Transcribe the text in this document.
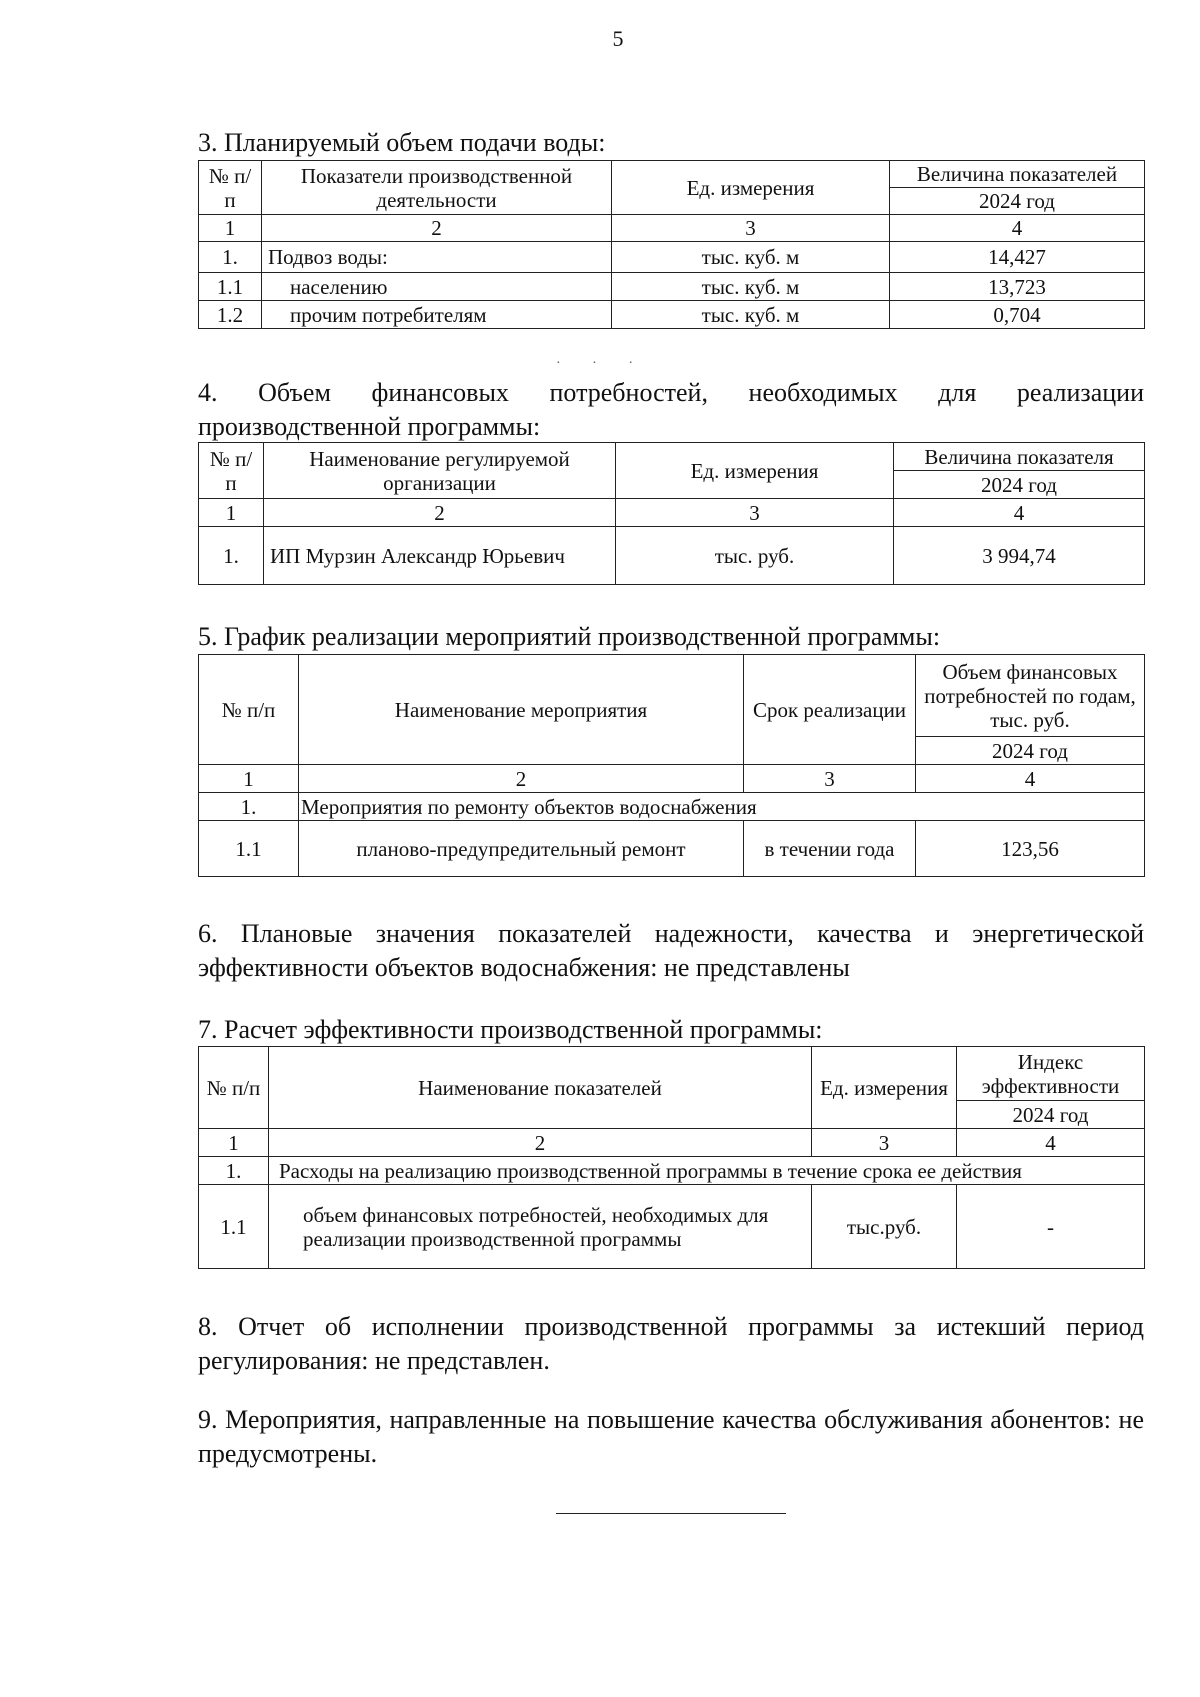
5
3. Планируемый объем подачи воды:
№ п/п	Показатели производственной деятельности	Ед. измерения	Величина показателей
			2024 год
1	2	3	4
1.	Подвоз воды:	тыс. куб. м	14,427
1.1	населению	тыс. куб. м	13,723
1.2	прочим потребителям	тыс. куб. м	0,704
· · ·
4. Объем финансовых потребностей, необходимых для реализации
производственной программы:
№ п/п	Наименование регулируемой организации	Ед. измерения	Величина показателя
			2024 год
1	2	3	4
1.	ИП Мурзин Александр Юрьевич	тыс. руб.	3 994,74
5. График реализации мероприятий производственной программы:
№ п/п	Наименование мероприятия	Срок реализации	Объем финансовых потребностей по годам, тыс. руб.
			2024 год
1	2	3	4
1.	Мероприятия по ремонту объектов водоснабжения		
1.1	планово-предупредительный ремонт	в течении года	123,56
6. Плановые значения показателей надежности, качества и энергетической эффективности объектов водоснабжения: не представлены
7. Расчет эффективности производственной программы:
№ п/п	Наименование показателей	Ед. измерения	Индекс эффективности
			2024 год
1	2	3	4
1.	Расходы на реализацию производственной программы в течение срока ее действия		
1.1	объем финансовых потребностей, необходимых для реализации производственной программы	тыс.руб.	-
8. Отчет об исполнении производственной программы за истекший период регулирования: не представлен.
9. Мероприятия, направленные на повышение качества обслуживания абонентов: не предусмотрены.
